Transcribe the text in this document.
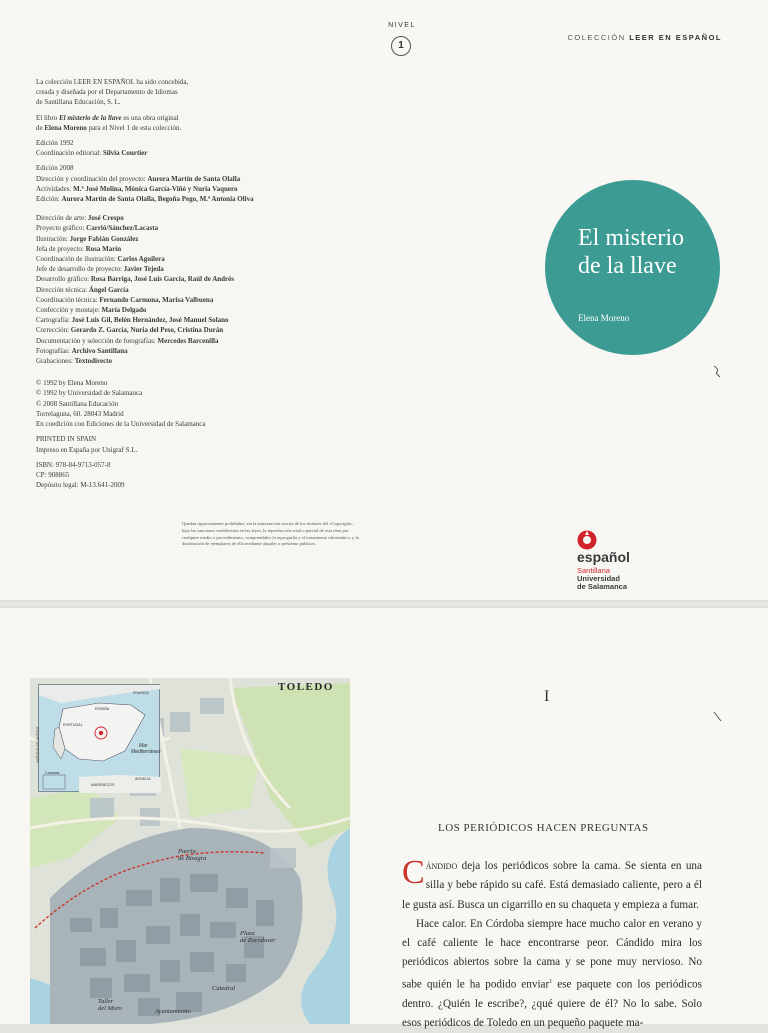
La colección LEER EN ESPAÑOL ha sido concebida,
creada y diseñada por el Departamento de Idiomas
de Santillana Educación, S. L.

El libro El misterio de la llave es una obra original
de Elena Moreno para el Nivel 1 de esta colección.

Edición 1992
Coordinación editorial: Silvia Courtier

Edición 2008
Dirección y coordinación del proyecto: Aurora Martín de Santa Olalla
Actividades: M.ª José Molina, Mónica García-Viñó y Nuria Vaquero
Edición: Aurora Martín de Santa Olalla, Begoña Pego, M.ª Antonia Oliva

Dirección de arte: José Crespo
Proyecto gráfico: Carrió/Sánchez/Lacasta
Ilustración: Jorge Fabián González
Jefa de proyecto: Rosa Marín
Coordinación de ilustración: Carlos Aguilera
Jefe de desarrollo de proyecto: Javier Tejeda
Desarrollo gráfico: Rosa Barriga, José Luis García, Raúl de Andrés
Dirección técnica: Ángel García
Coordinación técnica: Fernando Carmona, Marisa Valbuena
Confección y montaje: María Delgado
Cartografía: José Luis Gil, Belén Hernández, José Manuel Solano
Corrección: Gerardo Z. García, Nuria del Peso, Cristina Durán
Documentación y selección de fotografías: Mercedes Barcenilla
Fotografías: Archivo Santillana
Grabaciones: Textodirecto

© 1992 by Elena Moreno
© 1992 by Universidad de Salamanca
© 2008 Santillana Educación
Torrelaguna, 60. 28043 Madrid
En coedición con Ediciones de la Universidad de Salamanca

PRINTED IN SPAIN
Impreso en España por Unigraf S.L.

ISBN: 978-84-9713-057-8
CP: 908865
Depósito legal: M-13.641-2009

Quedan rigurosamente prohibidas, sin la autorización escrita de los titulares del «Copyright», bajo las sanciones establecidas en las leyes, la reproducción total o parcial de esta obra por cualquier medio o procedimiento, comprendidos la reprografía y el tratamiento informático, y la distribución de ejemplares de ella mediante alquiler o préstamo públicos.
NIVEL
1
COLECCIÓN LEER EN ESPAÑOL
El misterio
de la llave
Elena Moreno
español
Santillana
Universidad
de Salamanca
TOLEDO
FRANCIA
ESPAÑA
PORTUGAL
OCÉANO ATLÁNTICO	Mar
Mediterráneo
Canarias
MARRUECOS
ARGELIA
Puerta
de Bisagra
Plaza
de Zocodover
Catedral
Taller
del Moro	Ayuntamiento
I
LOS PERIÓDICOS HACEN PREGUNTAS

Cándido deja los periódicos sobre la cama. Se sienta en una silla y bebe rápido su café. Está demasiado caliente, pero a él le gusta así. Busca un cigarrillo en su chaqueta y empieza a fumar.

Hace calor. En Córdoba siempre hace mucho calor en verano y el café caliente le hace encontrarse peor. Cándido mira los periódicos abiertos sobre la cama y se pone muy nervioso. No sabe quién le ha podido enviar$^1$ ese paquete con los periódicos dentro. ¿Quién le escribe?, ¿qué quiere de él? No lo sabe. Solo esos periódicos de Toledo en un pequeño paquete ma-
